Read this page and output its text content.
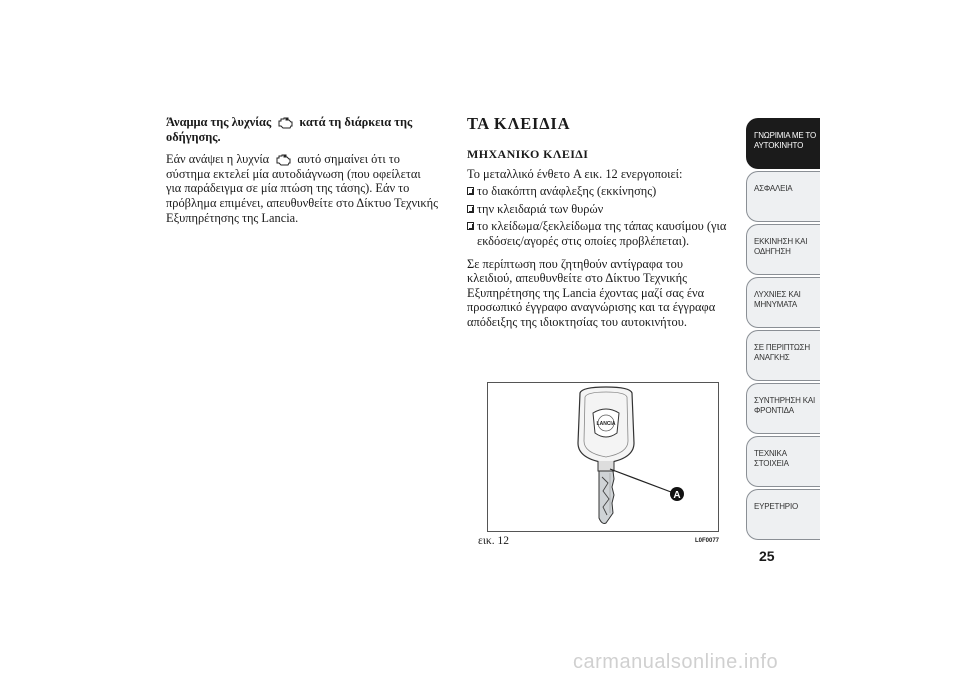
Άναμμα της λυχνίας κατά τη διάρκεια της οδήγησης.

Εάν ανάψει η λυχνία αυτό σημαίνει ότι το σύστημα εκτελεί μία αυτοδιάγνωση (που οφείλεται για παράδειγμα σε μία πτώση της τάσης). Εάν το πρόβλημα επιμένει, απευθυνθείτε στο Δίκτυο Τεχνικής Εξυπηρέτησης της Lancia.

ΤΑ ΚΛΕΙΔΙΑ
ΜΗΧΑΝΙΚΟ ΚΛΕΙΔΙ

Το μεταλλικό ένθετο A εικ. 12 ενεργοποιεί:

το διακόπτη ανάφλεξης (εκκίνησης)
την κλειδαριά των θυρών
το κλείδωμα/ξεκλείδωμα της τάπας καυσίμου (για εκδόσεις/αγορές στις οποίες προβλέπεται).

Σε περίπτωση που ζητηθούν αντίγραφα του κλειδιού, απευθυνθείτε στο Δίκτυο Τεχνικής Εξυπηρέτησης της Lancia έχοντας μαζί σας ένα προσωπικό έγγραφο αναγνώρισης και τα έγγραφα απόδειξης της ιδιοκτησίας του αυτοκινήτου.

LANCIA
A
εικ. 12	L0F0077
ΓΝΩΡΙΜΙΑ ΜΕ ΤΟ
ΑΥΤΟΚΙΝΗΤΟ
ΑΣΦΑΛΕΙΑ
ΕΚΚΙΝΗΣΗ ΚΑΙ
ΟΔΗΓΗΣΗ
ΛΥΧΝΙΕΣ ΚΑΙ
ΜΗΝΥΜΑΤΑ
ΣΕ ΠΕΡΙΠΤΩΣΗ
ΑΝΑΓΚΗΣ
ΣΥΝΤΗΡΗΣΗ ΚΑΙ
ΦΡΟΝΤΙΔΑ
ΤΕΧΝΙΚΑ ΣΤΟΙΧΕΙΑ
ΕΥΡΕΤΗΡΙΟ
25
carmanualsonline.info
